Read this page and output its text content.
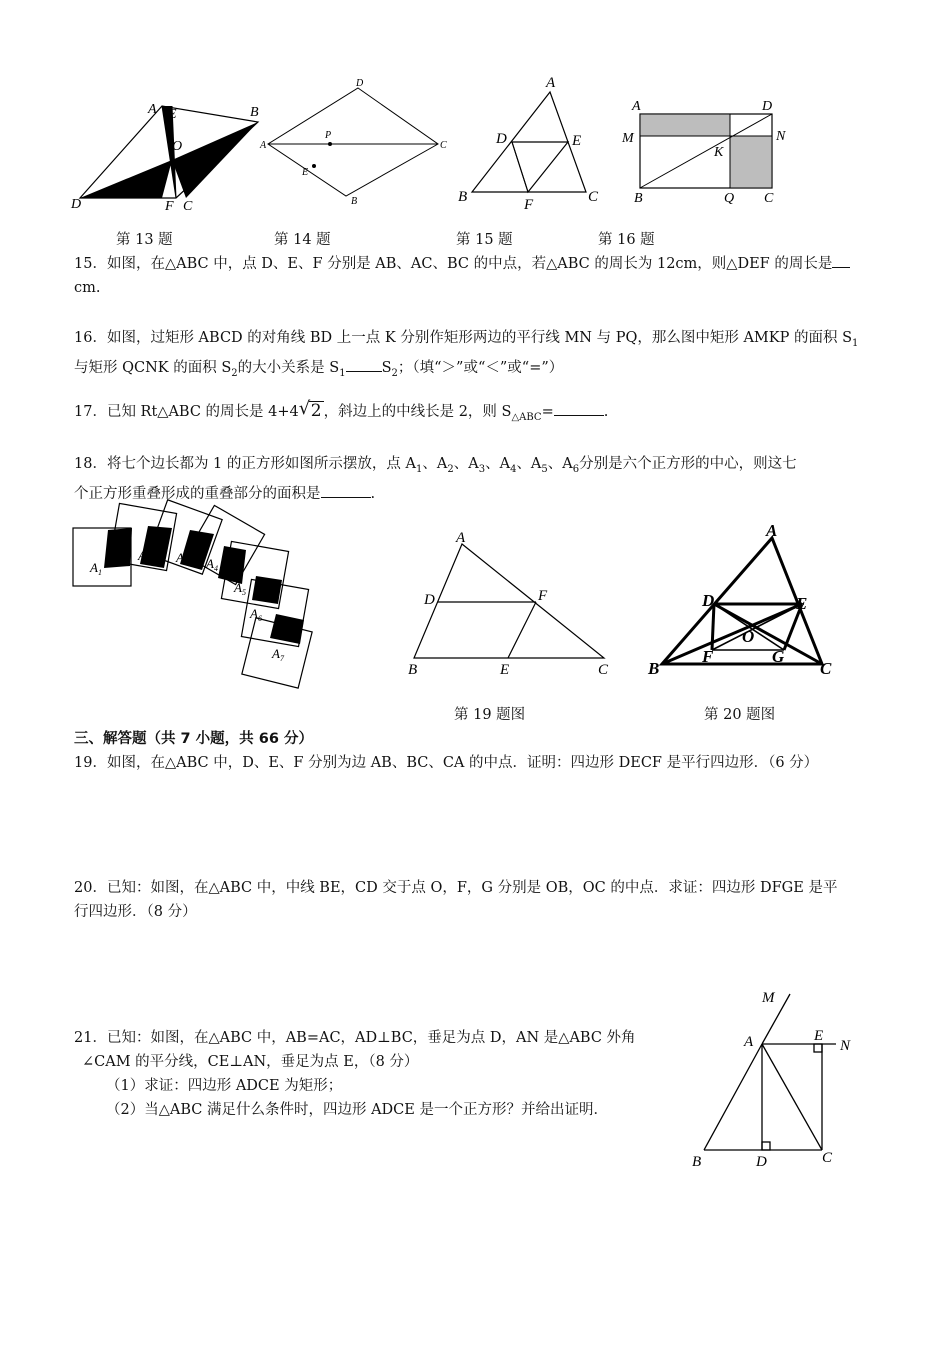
A E	B
O
D	F C
D
A
P
C
E
B
A
D	E
B	F	C
A	D
M	N
K
B	Q C
第 13 题	第 14 题	第 15 题	第 16 题
15．如图，在△ABC 中，点 D、E、F 分别是 AB、AC、BC 的中点，若△ABC 的周长为 12cm，则△DEF 的周长是
cm.
16．如图，过矩形 ABCD 的对角线 BD 上一点 K 分别作矩形两边的平行线 MN 与 PQ，那么图中矩形 AMKP 的面积 $S_1$
与矩形 QCNK 的面积 $S_2$的大小关系是 $S_1$ $S_2$；（填“＞”或“＜”或“=”）
17．已知 Rt△ABC 的周长是 4+4 √ 2 ，斜边上的中线长是 2，则 $S_{\triangle ABC}=$	.
18．将七个边长都为 1 的正方形如图所示摆放，点 $A_1$、$A_2$、$A_3$、$A_4$、$A_5$、$A_6$分别是六个正方形的中心，则这七
个正方形重叠形成的重叠部分的面积是	.
$A_1$
$A_2$ $A_3$ $A_4$
$A_5$
$A_6$
$A_7$
A
D	F
B	E	C
A
D	E
O
F	G
B	C
第 19 题图	第 20 题图
三、解答题（共 7 小题，共 66 分）
19．如图，在△ABC 中，D、E、F 分别为边 AB、BC、CA 的中点．证明：四边形 DECF 是平行四边形．（6 分）
20．已知：如图，在△ABC 中，中线 BE，CD 交于点 O，F，G 分别是 OB，OC 的中点．求证：四边形 DFGE 是平
行四边形．（8 分）
21．已知：如图，在△ABC 中，AB=AC，AD⊥BC，垂足为点 D，AN 是△ABC 外角
∠CAM 的平分线，CE⊥AN，垂足为点 E，（8 分）
（1）求证：四边形 ADCE 为矩形；
（2）当△ABC 满足什么条件时，四边形 ADCE 是一个正方形？并给出证明．
M
A	E
N
B	D	C
